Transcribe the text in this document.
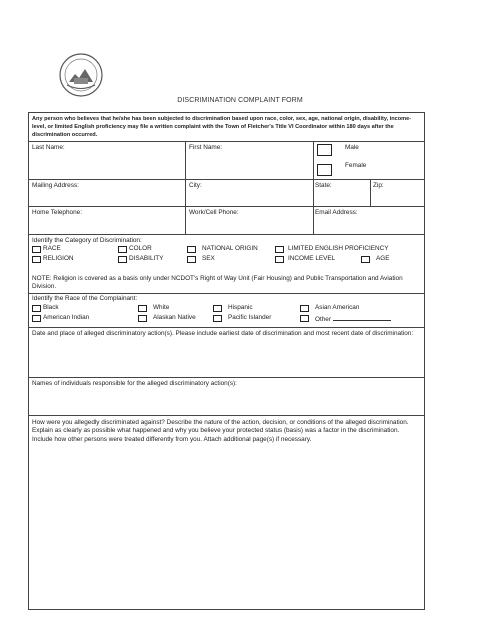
DISCRIMINATION COMPLAINT FORM
Any person who believes that he/she has been subjected to discrimination based upon race, color, sex, age, national origin, disability, income-level, or limited English proficiency may file a written complaint with the Town of Fletcher's Title VI Coordinator within 180 days after the discrimination occurred.
Last Name:	First Name:	Male
Female
Mailing Address:	City:	State:	Zip:
Home Telephone:	Work/Cell Phone:	Email Address:
Identify the Category of Discrimination:
RACE	COLOR	NATIONAL ORIGIN	LIMITED ENGLISH PROFICIENCY
RELIGION	DISABILITY	SEX	INCOME LEVEL	AGE
NOTE: Religion is covered as a basis only under NCDOT's Right of Way Unit (Fair Housing) and Public Transportation and Aviation Division.
Identify the Race of the Complainant:
Black	White	Hispanic	Asian American
American Indian	Alaskan Native	Pacific Islander	Other
Date and place of alleged discriminatory action(s). Please include earliest date of discrimination and most recent date of discrimination:
Names of individuals responsible for the alleged discriminatory action(s):
How were you allegedly discriminated against? Describe the nature of the action, decision, or conditions of the alleged discrimination. Explain as clearly as possible what happened and why you believe your protected status (basis) was a factor in the discrimination. Include how other persons were treated differently from you. Attach additional page(s) if necessary.
